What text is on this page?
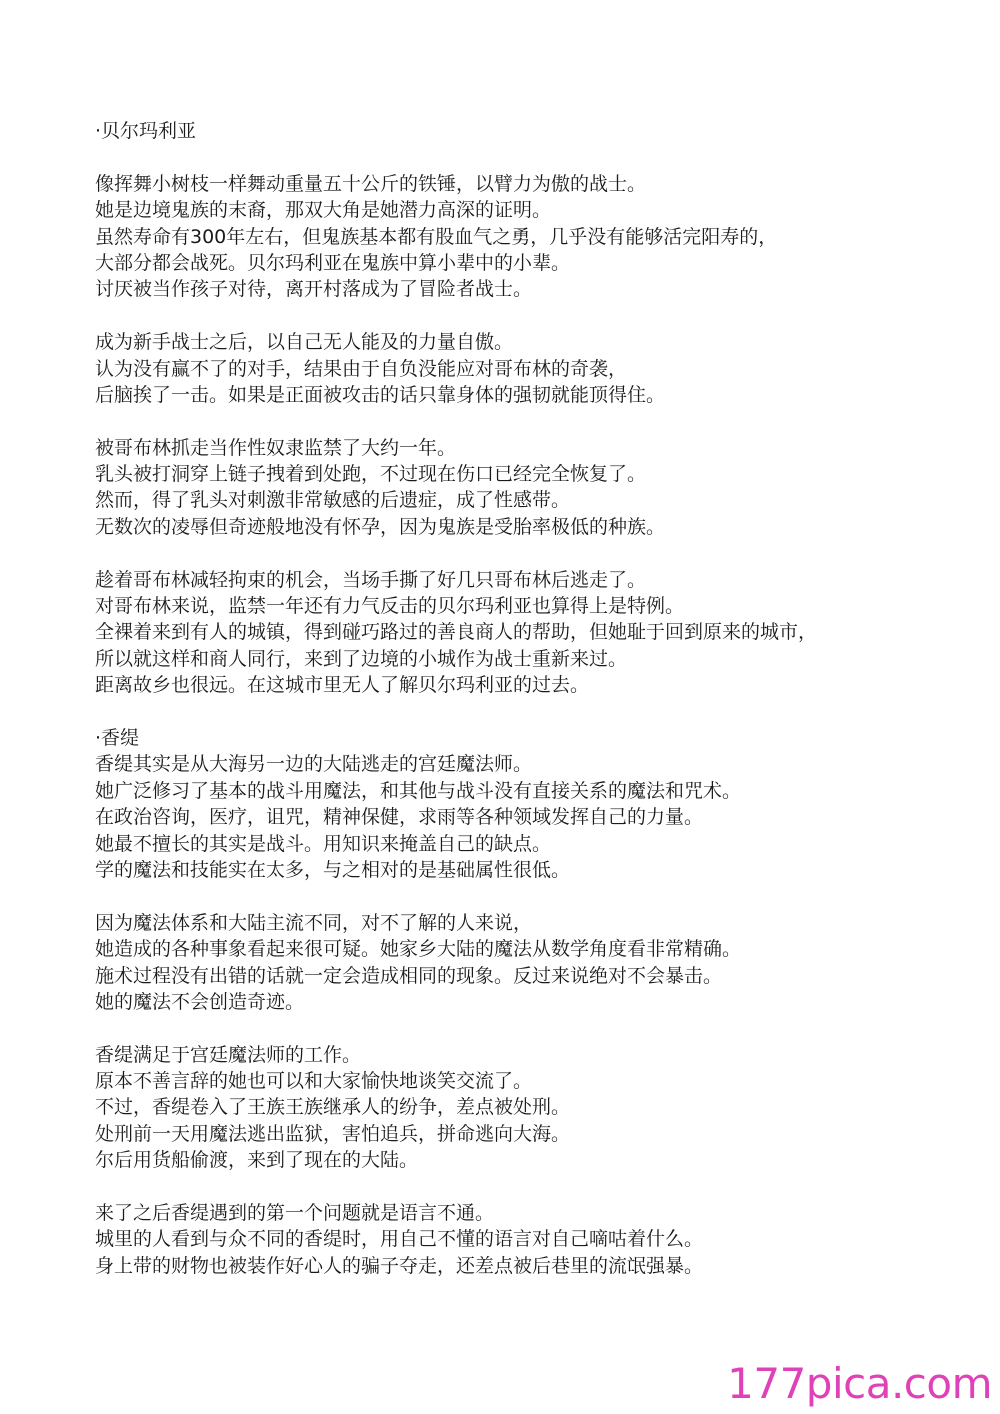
·贝尔玛利亚
像挥舞小树枝一样舞动重量五十公斤的铁锤，以臂力为傲的战士。
她是边境鬼族的末裔，那双大角是她潜力高深的证明。
虽然寿命有300年左右，但鬼族基本都有股血气之勇，几乎没有能够活完阳寿的，
大部分都会战死。贝尔玛利亚在鬼族中算小辈中的小辈。
讨厌被当作孩子对待，离开村落成为了冒险者战士。
成为新手战士之后，以自己无人能及的力量自傲。
认为没有赢不了的对手，结果由于自负没能应对哥布林的奇袭，
后脑挨了一击。如果是正面被攻击的话只靠身体的强韧就能顶得住。
被哥布林抓走当作性奴隶监禁了大约一年。
乳头被打洞穿上链子拽着到处跑，不过现在伤口已经完全恢复了。
然而，得了乳头对刺激非常敏感的后遗症，成了性感带。
无数次的凌辱但奇迹般地没有怀孕，因为鬼族是受胎率极低的种族。
趁着哥布林减轻拘束的机会，当场手撕了好几只哥布林后逃走了。
对哥布林来说，监禁一年还有力气反击的贝尔玛利亚也算得上是特例。
全裸着来到有人的城镇，得到碰巧路过的善良商人的帮助，但她耻于回到原来的城市，
所以就这样和商人同行，来到了边境的小城作为战士重新来过。
距离故乡也很远。在这城市里无人了解贝尔玛利亚的过去。
·香缇
香缇其实是从大海另一边的大陆逃走的宫廷魔法师。
她广泛修习了基本的战斗用魔法，和其他与战斗没有直接关系的魔法和咒术。
在政治咨询，医疗，诅咒，精神保健，求雨等各种领域发挥自己的力量。
她最不擅长的其实是战斗。用知识来掩盖自己的缺点。
学的魔法和技能实在太多，与之相对的是基础属性很低。
因为魔法体系和大陆主流不同，对不了解的人来说，
她造成的各种事象看起来很可疑。她家乡大陆的魔法从数学角度看非常精确。
施术过程没有出错的话就一定会造成相同的现象。反过来说绝对不会暴击。
她的魔法不会创造奇迹。
香缇满足于宫廷魔法师的工作。
原本不善言辞的她也可以和大家愉快地谈笑交流了。
不过，香缇卷入了王族王族继承人的纷争，差点被处刑。
处刑前一天用魔法逃出监狱，害怕追兵，拼命逃向大海。
尔后用货船偷渡，来到了现在的大陆。
来了之后香缇遇到的第一个问题就是语言不通。
城里的人看到与众不同的香缇时，用自己不懂的语言对自己嘀咕着什么。
身上带的财物也被装作好心人的骗子夺走，还差点被后巷里的流氓强暴。
177pica.com
